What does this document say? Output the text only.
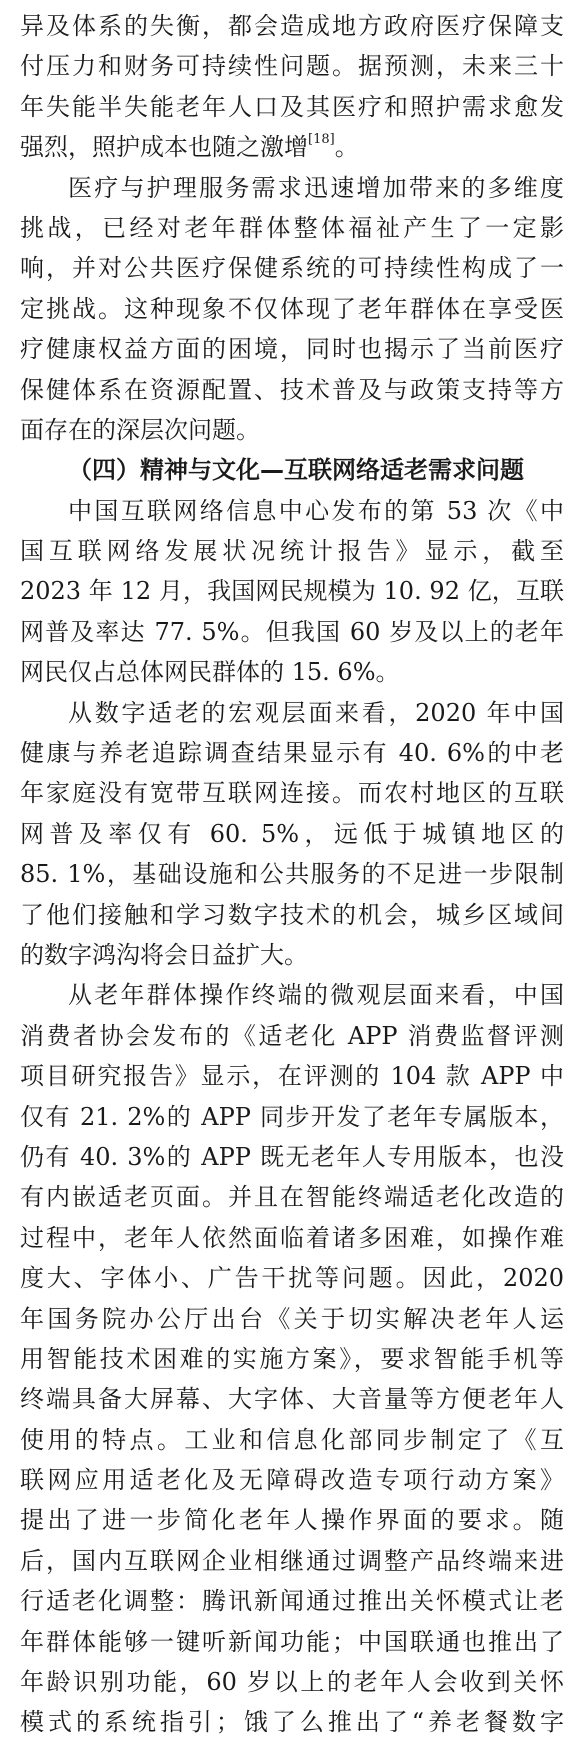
异及体系的失衡，都会造成地方政府医疗保障支
付压力和财务可持续性问题。据预测，未来三十
年失能半失能老年人口及其医疗和照护需求愈发
强烈，照护成本也随之激增[18]。
医疗与护理服务需求迅速增加带来的多维度
挑战，已经对老年群体整体福祉产生了一定影
响，并对公共医疗保健系统的可持续性构成了一
定挑战。这种现象不仅体现了老年群体在享受医
疗健康权益方面的困境，同时也揭示了当前医疗
保健体系在资源配置、技术普及与政策支持等方
面存在的深层次问题。
（四）精神与文化—互联网络适老需求问题
中国互联网络信息中心发布的第 53 次《中
国互联网络发展状况统计报告》显示，截至
2023 年 12 月，我国网民规模为 10. 92 亿，互联
网普及率达 77. 5%。但我国 60 岁及以上的老年
网民仅占总体网民群体的 15. 6%。
从数字适老的宏观层面来看，2020 年中国
健康与养老追踪调查结果显示有 40. 6%的中老
年家庭没有宽带互联网连接。而农村地区的互联
网普及率仅有 60. 5%，远低于城镇地区的
85. 1%，基础设施和公共服务的不足进一步限制
了他们接触和学习数字技术的机会，城乡区域间
的数字鸿沟将会日益扩大。
从老年群体操作终端的微观层面来看，中国
消费者协会发布的《适老化 APP 消费监督评测
项目研究报告》显示，在评测的 104 款 APP 中
仅有 21. 2%的 APP 同步开发了老年专属版本，
仍有 40. 3%的 APP 既无老年人专用版本，也没
有内嵌适老页面。并且在智能终端适老化改造的
过程中，老年人依然面临着诸多困难，如操作难
度大、字体小、广告干扰等问题。因此，2020
年国务院办公厅出台《关于切实解决老年人运
用智能技术困难的实施方案》，要求智能手机等
终端具备大屏幕、大字体、大音量等方便老年人
使用的特点。工业和信息化部同步制定了《互
联网应用适老化及无障碍改造专项行动方案》
提出了进一步简化老年人操作界面的要求。随
后，国内互联网企业相继通过调整产品终端来进
行适老化调整：腾讯新闻通过推出关怀模式让老
年群体能够一键听新闻功能；中国联通也推出了
年龄识别功能，60 岁以上的老年人会收到关怀
模式的系统指引；饿了么推出了“养老餐数字
